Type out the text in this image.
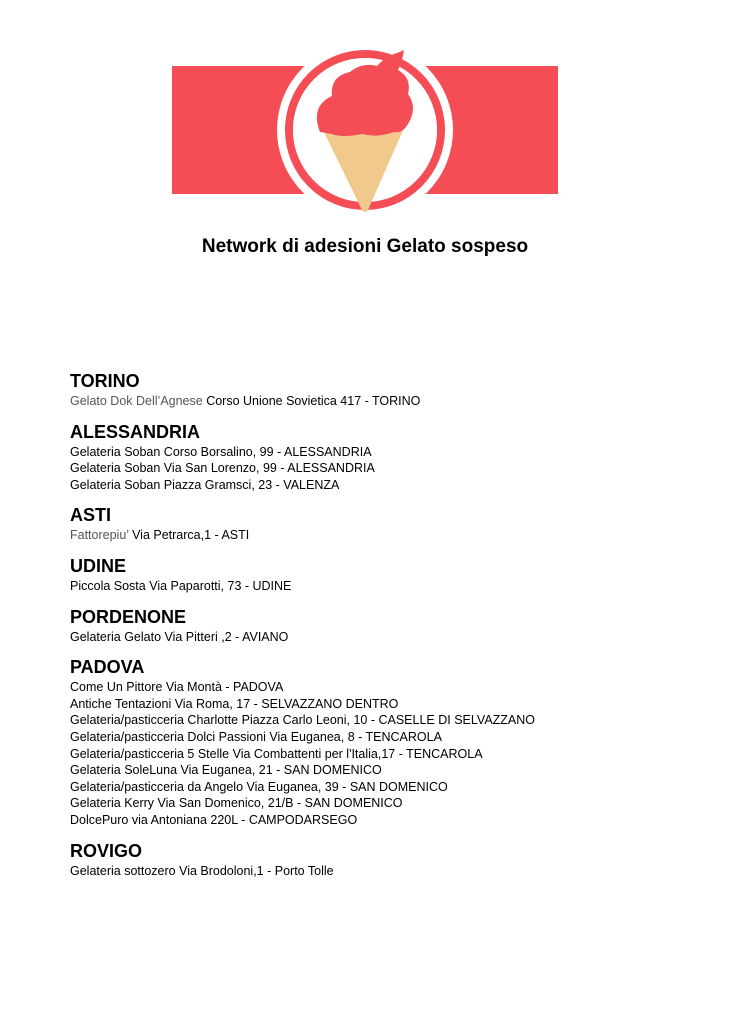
Network di adesioni Gelato sospeso
TORINO
Gelato Dok Dell’Agnese Corso Unione Sovietica 417 - TORINO
ALESSANDRIA
Gelateria Soban Corso Borsalino, 99 - ALESSANDRIA
Gelateria Soban Via San Lorenzo, 99 - ALESSANDRIA
Gelateria Soban Piazza Gramsci, 23 - VALENZA
ASTI
Fattorepiu’ Via Petrarca,1 - ASTI
UDINE
Piccola Sosta Via Paparotti, 73 - UDINE
PORDENONE
Gelateria Gelato Via Pitteri ,2 - AVIANO
PADOVA
Come Un Pittore Via Montà - PADOVA
Antiche Tentazioni Via Roma, 17 - SELVAZZANO DENTRO
Gelateria/pasticceria Charlotte Piazza Carlo Leoni, 10 - CASELLE DI SELVAZZANO
Gelateria/pasticceria Dolci Passioni Via Euganea, 8 - TENCAROLA
Gelateria/pasticceria 5 Stelle Via Combattenti per l'Italia,17 - TENCAROLA
Gelateria SoleLuna Via Euganea, 21 - SAN DOMENICO
Gelateria/pasticceria da Angelo Via Euganea, 39 - SAN DOMENICO
Gelateria Kerry Via San Domenico, 21/B - SAN DOMENICO
DolcePuro via Antoniana 220L - CAMPODARSEGO
ROVIGO
Gelateria sottozero Via Brodoloni,1 - Porto Tolle
